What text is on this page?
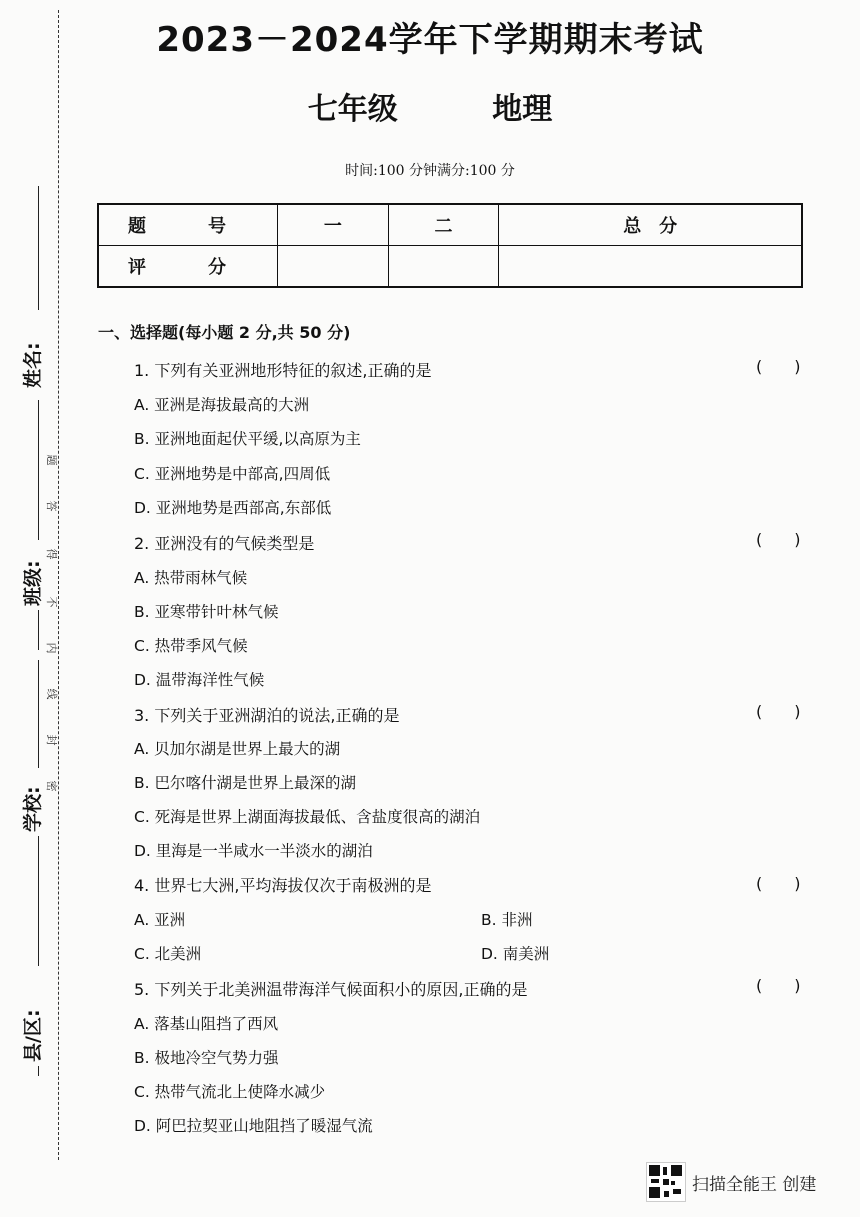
2023－2024学年下学期期末考试
七年级	地理
时间:100 分钟满分:100 分
题　号	一	二	总　分
评　分			
姓名:
班级:
学校:
县/区:
题
答
得
不
内
线
封
密
一、选择题(每小题 2 分,共 50 分)
1. 下列有关亚洲地形特征的叙述,正确的是	(　　)
A. 亚洲是海拔最高的大洲
B. 亚洲地面起伏平缓,以高原为主
C. 亚洲地势是中部高,四周低
D. 亚洲地势是西部高,东部低
2. 亚洲没有的气候类型是	(　　)
A. 热带雨林气候
B. 亚寒带针叶林气候
C. 热带季风气候
D. 温带海洋性气候
3. 下列关于亚洲湖泊的说法,正确的是	(　　)
A. 贝加尔湖是世界上最大的湖
B. 巴尔喀什湖是世界上最深的湖
C. 死海是世界上湖面海拔最低、含盐度很高的湖泊
D. 里海是一半咸水一半淡水的湖泊
4. 世界七大洲,平均海拔仅次于南极洲的是	(　　)
A. 亚洲	B. 非洲
C. 北美洲	D. 南美洲
5. 下列关于北美洲温带海洋气候面积小的原因,正确的是	(　　)
A. 落基山阻挡了西风
B. 极地冷空气势力强
C. 热带气流北上使降水减少
D. 阿巴拉契亚山地阻挡了暖湿气流
扫描全能王 创建
